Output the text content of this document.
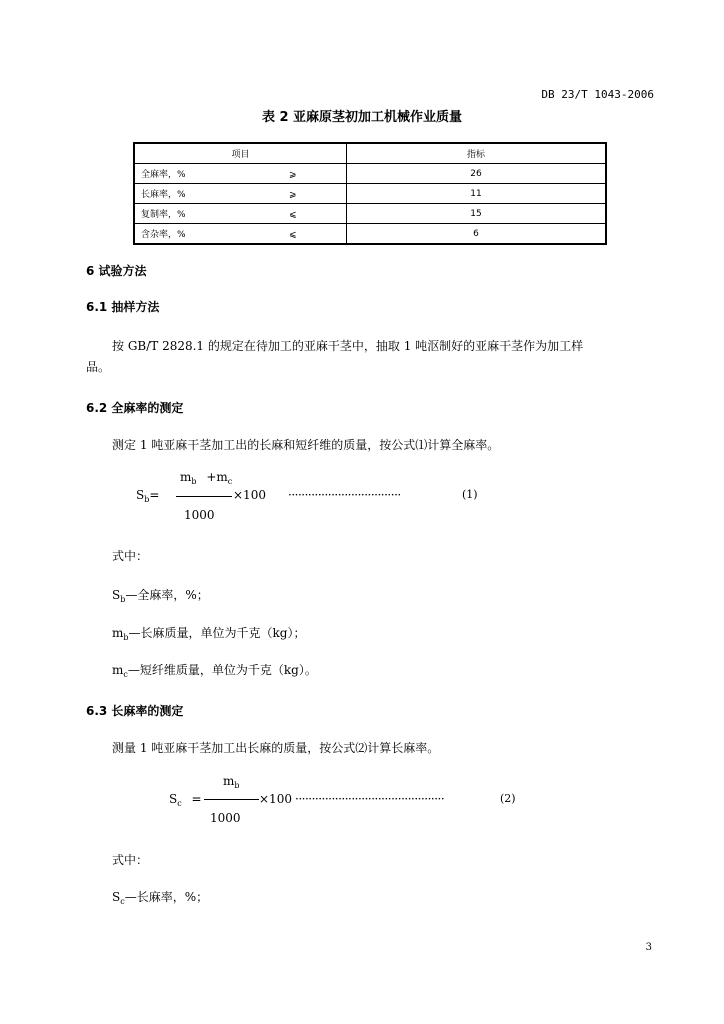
DB 23/T 1043-2006
表 2 亚麻原茎初加工机械作业质量
项目	指标
全麻率，% ⩾	26
长麻率，% ⩾	11
复制率，% ⩽	15
含杂率，% ⩽	6
6 试验方法
6.1 抽样方法
按 GB/T 2828.1 的规定在待加工的亚麻干茎中，抽取 1 吨沤制好的亚麻干茎作为加工样
品。
6.2 全麻率的测定
测定 1 吨亚麻干茎加工出的长麻和短纤维的质量，按公式⑴计算全麻率。
$m_b +m_c$
$S_b=$	×100 ··································	(1)
1000
式中：
$S_b—$全麻率，%；
$m_b—$长麻质量，单位为千克（kg）；
$m_c—$短纤维质量，单位为千克（kg）。
6.3 长麻率的测定
测量 1 吨亚麻干茎加工出长麻的质量，按公式⑵计算长麻率。
$m_b$
$S_c$ =	×100 ·············································	(2)
1000
式中：
$S_c—$长麻率，%；
3
